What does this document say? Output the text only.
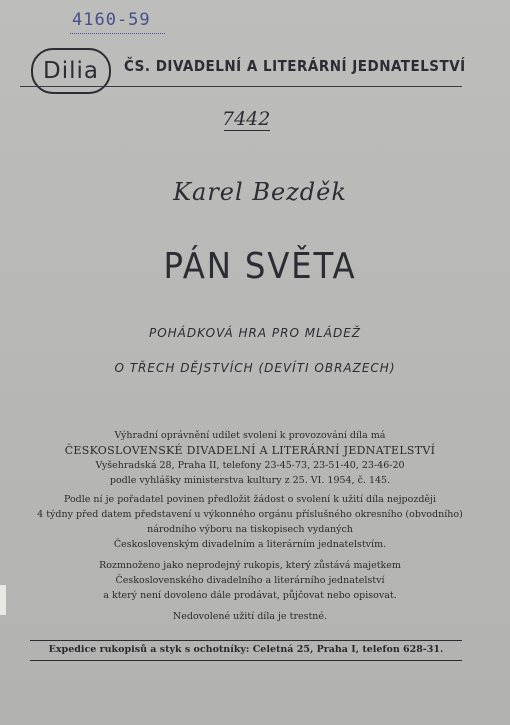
4160-59
Dilia	ČS. DIVADELNÍ A LITERÁRNÍ JEDNATELSTVÍ
7442
Karel Bezděk
PÁN SVĚTA
POHÁDKOVÁ HRA PRO MLÁDEŽ
O TŘECH DĚJSTVÍCH (DEVÍTI OBRAZECH)
Výhradní oprávnění udílet svolení k provozování díla má
ČESKOSLOVENSKÉ DIVADELNÍ A LITERÁRNÍ JEDNATELSTVÍ
Vyšehradská 28, Praha II, telefony 23-45-73, 23-51-40, 23-46-20
podle vyhlášky ministerstva kultury z 25. VI. 1954, č. 145.
Podle ní je pořadatel povinen předložit žádost o svolení k užití díla nejpozději
4 týdny před datem představení u výkonného orgánu příslušného okresního (obvodního)
národního výboru na tiskopisech vydaných
Československým divadelním a literárním jednatelstvím.
Rozmnoženo jako neprodejný rukopis, který zůstává majetkem
Československého divadelního a literárního jednatelství
a který není dovoleno dále prodávat, půjčovat nebo opisovat.
Nedovolené užití díla je trestné.
Expedice rukopisů a styk s ochotníky: Celetná 25, Praha I, telefon 628-31.
